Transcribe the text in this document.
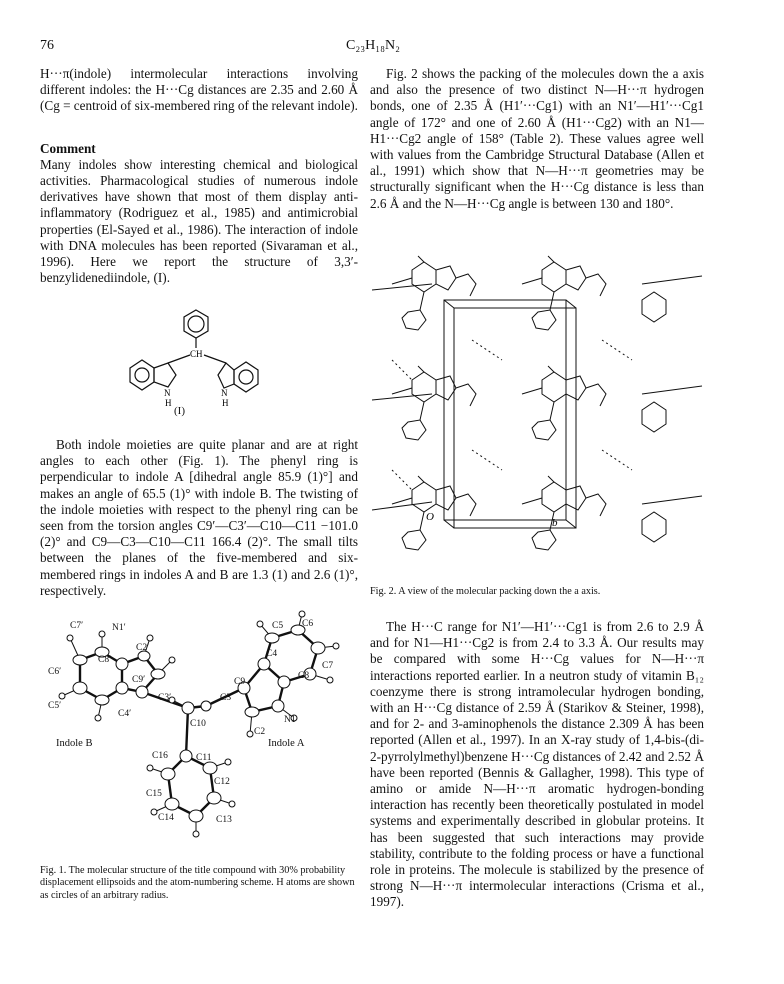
76	C₂₃H₁₈N₂

H···π(indole) intermolecular interactions involving different indoles: the H···Cg distances are 2.35 and 2.60 Å (Cg = centroid of six-membered ring of the relevant indole).

Comment

Many indoles show interesting chemical and biological activities. Pharmacological studies of numerous indole derivatives have shown that most of them display anti-inflammatory (Rodriguez et al., 1985) and antimicrobial properties (El-Sayed et al., 1986). The interaction of indole with DNA molecules has been reported (Sivaraman et al., 1996). Here we report the structure of 3,3′-benzylidenediindole, (I).

CH
N
H
N
H
(I)

Both indole moieties are quite planar and are at right angles to each other (Fig. 1). The phenyl ring is perpendicular to indole A [dihedral angle 85.9 (1)°] and makes an angle of 65.5 (1)° with indole B. The twisting of the indole moieties with respect to the phenyl ring can be seen from the torsion angles C9′—C3′—C10—C11 −101.0 (2)° and C9—C3—C10—C11 166.4 (2)°. The small tilts between the planes of the five-membered and six-membered rings in indoles A and B are 1.3 (1) and 2.6 (1)°, respectively.

C7′	N1′
C8′
C2′
C6′
C5′
C9′
C3′
C4′
C10
C5 C6
C4
C7
C9
C8
C3
N1
C2
C16	C11
C12
C15
C14	C13
Indole B	Indole A
Fig. 1. The molecular structure of the title compound with 30% probability displacement ellipsoids and the atom-numbering scheme. H atoms are shown as circles of an arbitrary radius.

Fig. 2 shows the packing of the molecules down the a axis and also the presence of two distinct N—H···π hydrogen bonds, one of 2.35 Å (H1′···Cg1) with an N1′—H1′···Cg1 angle of 172° and one of 2.60 Å (H1···Cg2) with an N1—H1···Cg2 angle of 158° (Table 2). These values agree well with values from the Cambridge Structural Database (Allen et al., 1991) which show that N—H···π geometries may be structurally significant when the H···Cg distance is less than 2.6 Å and the N—H···Cg angle is between 130 and 180°.

O	b
Fig. 2. A view of the molecular packing down the a axis.

The H···C range for N1′—H1′···Cg1 is from 2.6 to 2.9 Å and for N1—H1···Cg2 is from 2.4 to 3.3 Å. Our results may be compared with some H···Cg values for N—H···π interactions reported earlier. In a neutron study of vitamin B₁₂ coenzyme there is strong intramolecular hydrogen bonding, with an H···Cg distance of 2.59 Å (Starikov & Steiner, 1998), and for 2- and 3-aminophenols the distance 2.309 Å has been reported (Allen et al., 1997). In an X-ray study of 1,4-bis-(di-2-pyrrolylmethyl)benzene H···Cg distances of 2.42 and 2.52 Å have been reported (Bennis & Gallagher, 1998). This type of amino or amide N—H···π aromatic hydrogen-bonding interaction has recently been theoretically postulated in model systems and experimentally described in globular proteins. It has been suggested that such interactions may provide stability, contribute to the folding process or have a functional role in proteins. The molecule is stabilized by the presence of strong N—H···π intermolecular interactions (Crisma et al., 1997).
